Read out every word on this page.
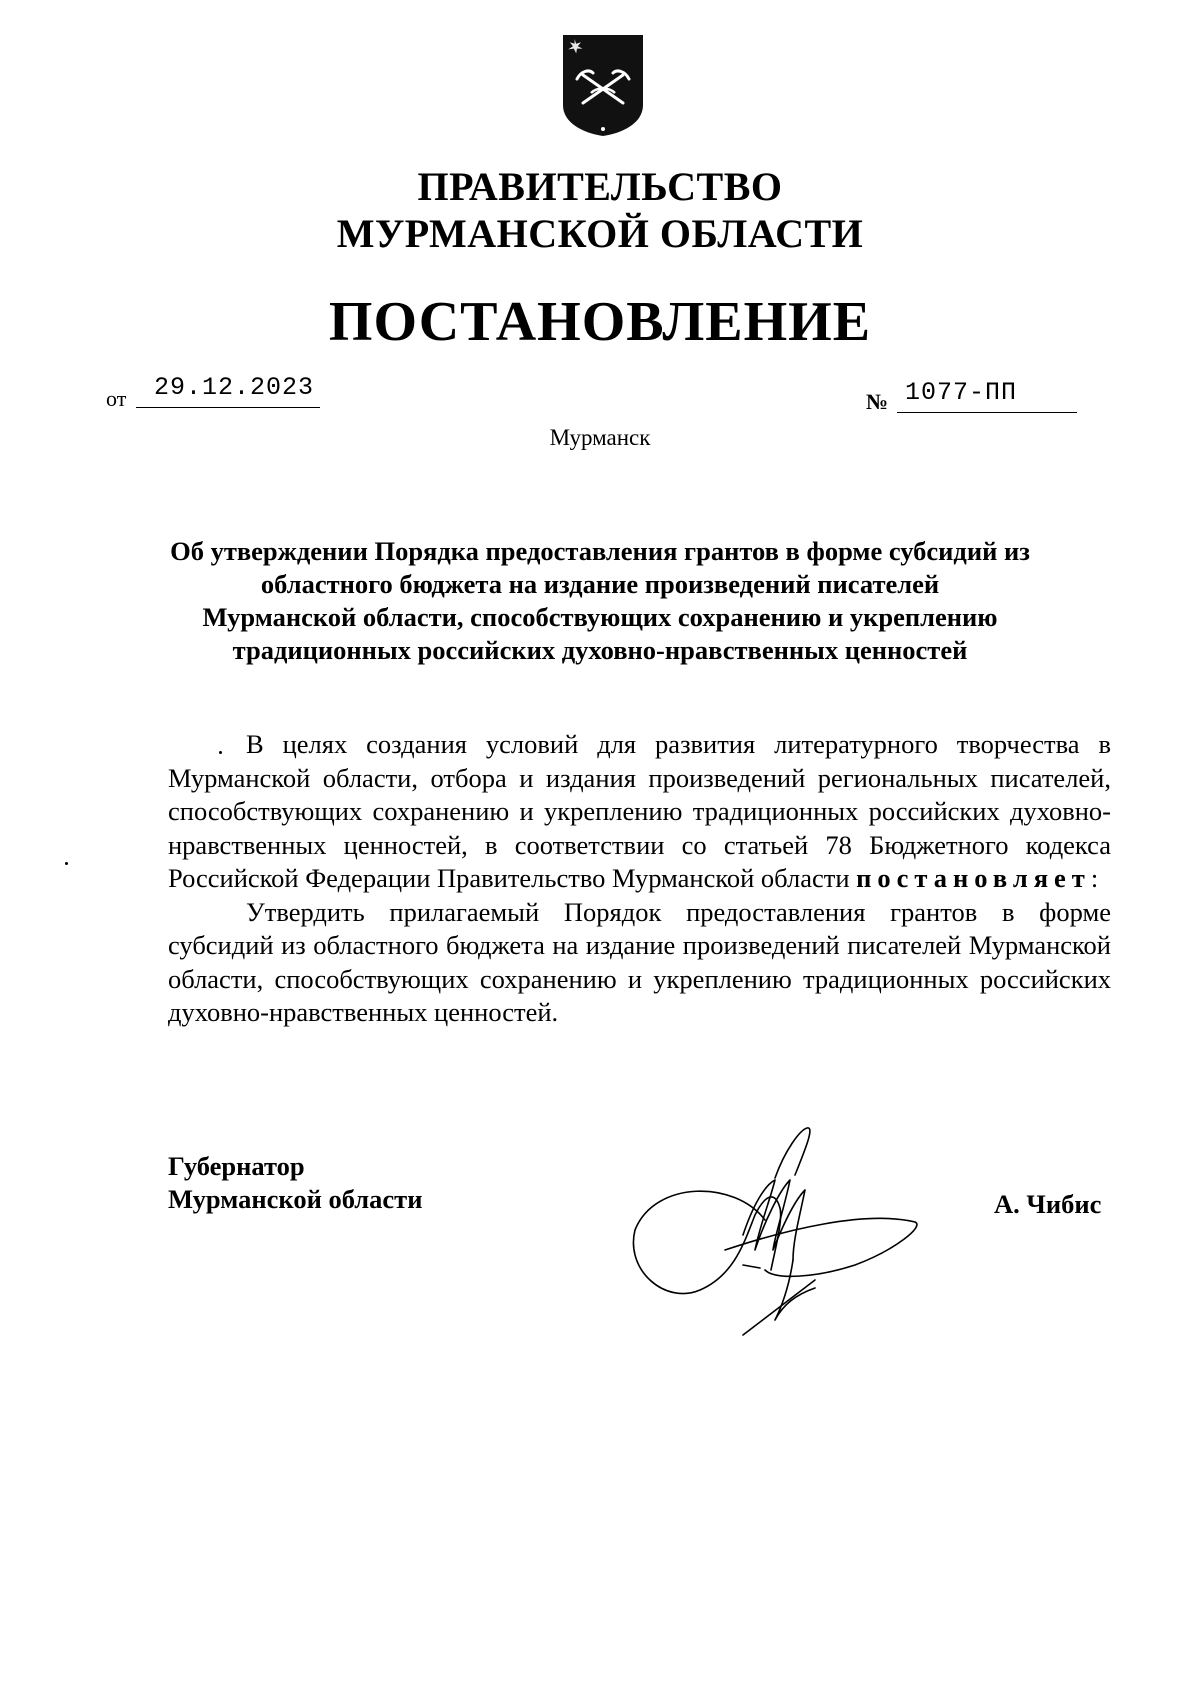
ПРАВИТЕЛЬСТВО
МУРМАНСКОЙ ОБЛАСТИ
ПОСТАНОВЛЕНИЕ
от 29.12.2023	№ 1077-ПП
Мурманск
Об утверждении Порядка предоставления грантов в форме субсидий из
областного бюджета на издание произведений писателей
Мурманской области, способствующих сохранению и укреплению
традиционных российских духовно-нравственных ценностей

В целях создания условий для развития литературного творчества в Мурманской области, отбора и издания произведений региональных писателей, способствующих сохранению и укреплению традиционных российских духовно-нравственных ценностей, в соответствии со статьей 78 Бюджетного кодекса Российской Федерации Правительство Мурманской области постановляет:

Утвердить прилагаемый Порядок предоставления грантов в форме субсидий из областного бюджета на издание произведений писателей Мурманской области, способствующих сохранению и укреплению традиционных российских духовно-нравственных ценностей.

Губернатор
Мурманской области	А. Чибис
